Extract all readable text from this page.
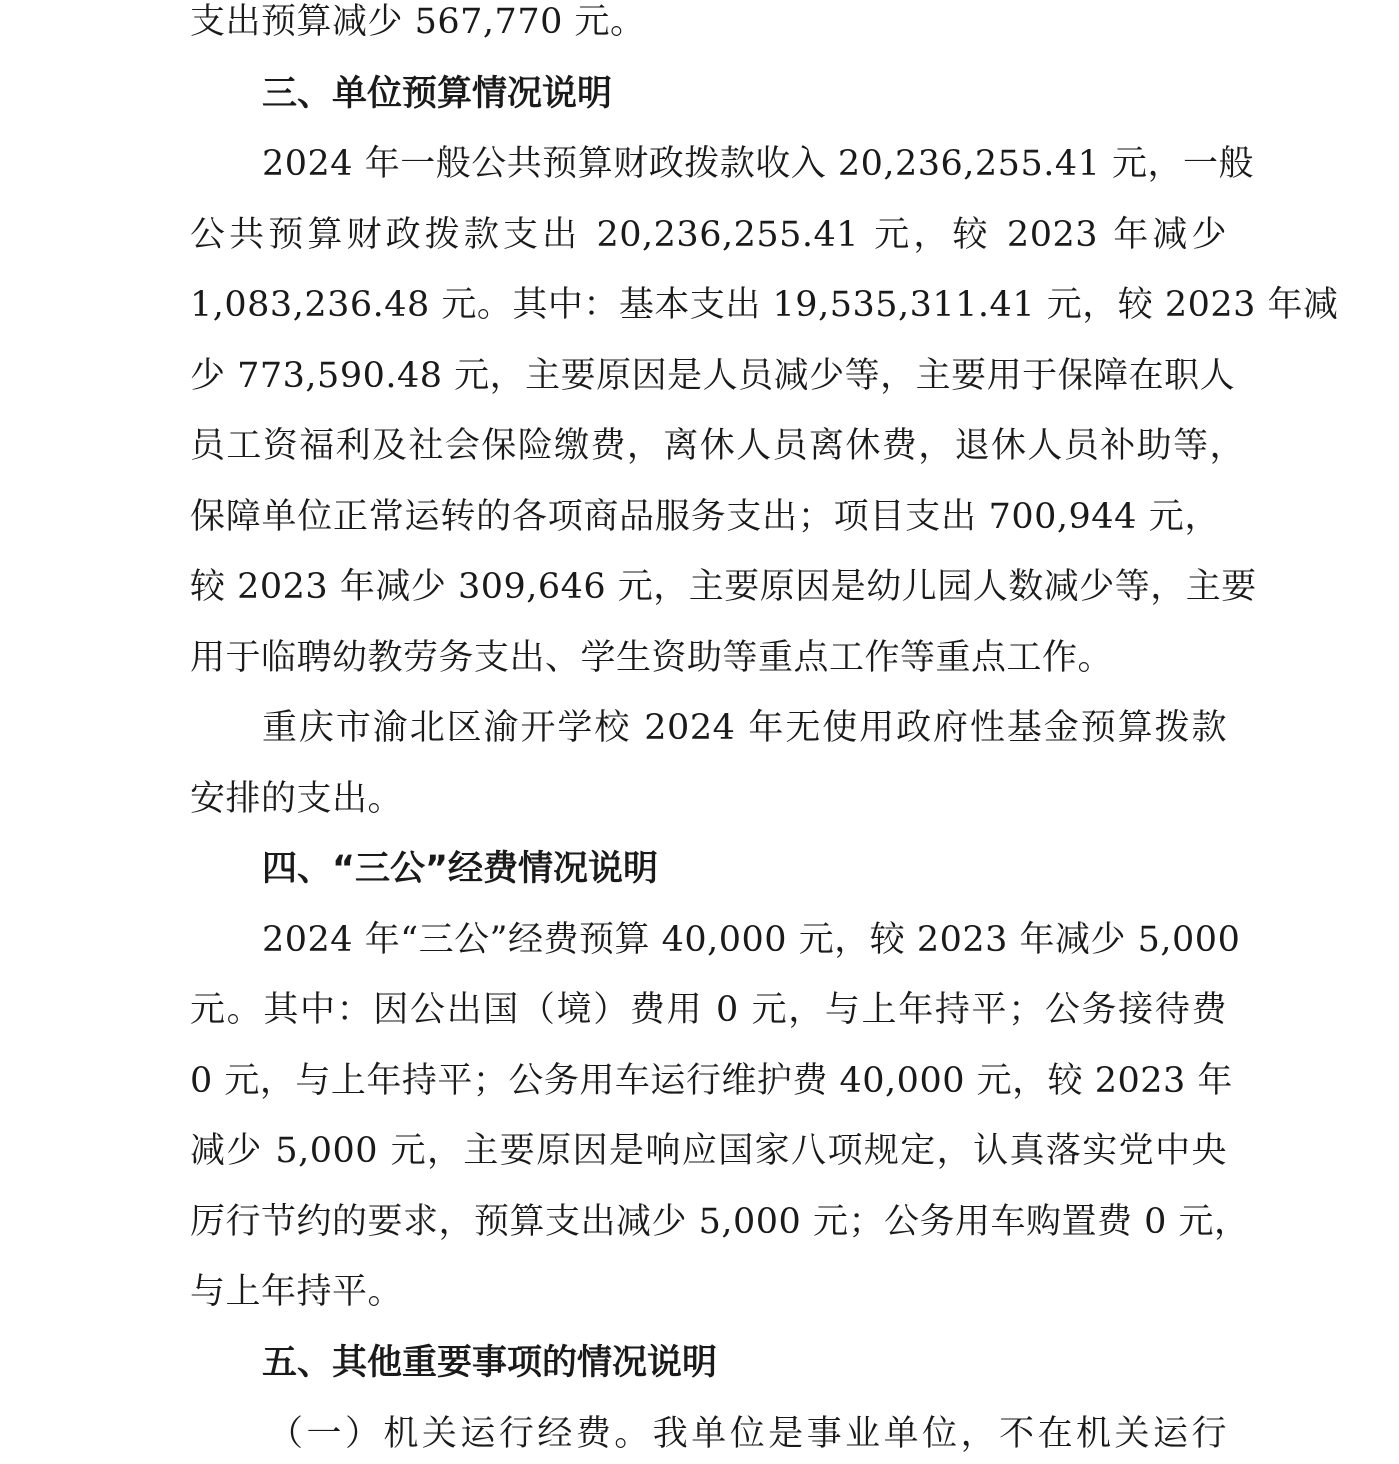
支出预算减少 567,770 元。
三、单位预算情况说明
2024 年一般公共预算财政拨款收入 20,236,255.41 元，一般
公共预算财政拨款支出 20,236,255.41 元，较 2023 年减少
1,083,236.48 元。其中：基本支出 19,535,311.41 元，较 2023 年减
少 773,590.48 元，主要原因是人员减少等，主要用于保障在职人
员工资福利及社会保险缴费，离休人员离休费，退休人员补助等，
保障单位正常运转的各项商品服务支出；项目支出 700,944 元，
较 2023 年减少 309,646 元，主要原因是幼儿园人数减少等，主要
用于临聘幼教劳务支出、学生资助等重点工作等重点工作。
重庆市渝北区渝开学校 2024 年无使用政府性基金预算拨款
安排的支出。
四、“三公”经费情况说明
2024 年“三公”经费预算 40,000 元，较 2023 年减少 5,000
元。其中：因公出国（境）费用 0 元，与上年持平；公务接待费
0 元，与上年持平；公务用车运行维护费 40,000 元，较 2023 年
减少 5,000 元，主要原因是响应国家八项规定，认真落实党中央
厉行节约的要求，预算支出减少 5,000 元；公务用车购置费 0 元，
与上年持平。
五、其他重要事项的情况说明
（一）机关运行经费。我单位是事业单位，不在机关运行
